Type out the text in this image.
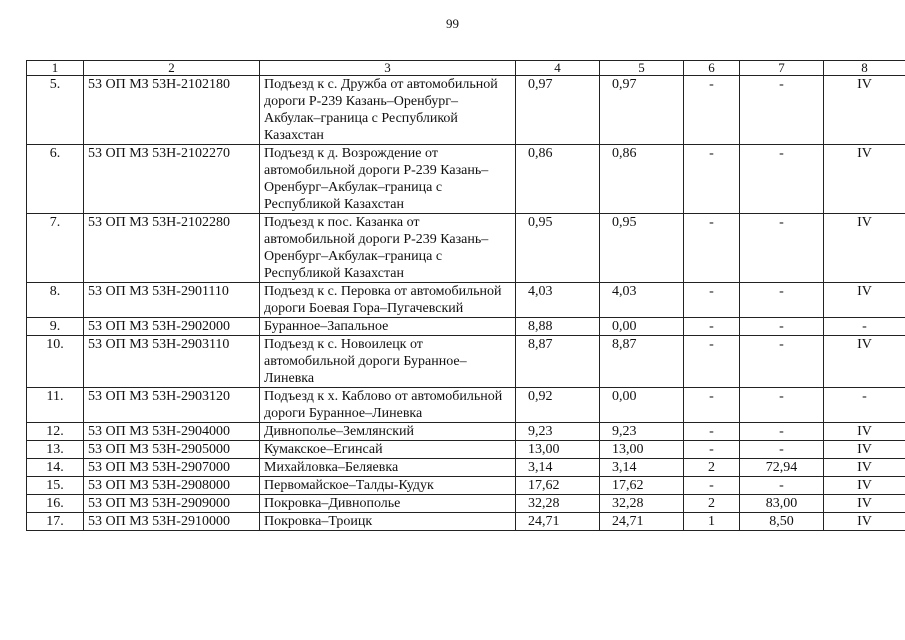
99
1	2	3	4	5	6	7	8
5.	53 ОП МЗ 53Н-2102180	Подъезд к с. Дружба от автомобильной дороги Р-239 Казань–Оренбург–Акбулак–граница с Республикой Казахстан	0,97	0,97	-	-	IV
6.	53 ОП МЗ 53Н-2102270	Подъезд к д. Возрождение от автомобильной дороги Р-239 Казань–Оренбург–Акбулак–граница с Республикой Казахстан	0,86	0,86	-	-	IV
7.	53 ОП МЗ 53Н-2102280	Подъезд к пос. Казанка от автомобильной дороги Р-239 Казань–Оренбург–Акбулак–граница с Республикой Казахстан	0,95	0,95	-	-	IV
8.	53 ОП МЗ 53Н-2901110	Подъезд к с. Перовка от автомобильной дороги Боевая Гора–Пугачевский	4,03	4,03	-	-	IV
9.	53 ОП МЗ 53Н-2902000	Буранное–Запальное	8,88	0,00	-	-	-
10.	53 ОП МЗ 53Н-2903110	Подъезд к с. Новоилецк от автомобильной дороги Буранное–Линевка	8,87	8,87	-	-	IV
11.	53 ОП МЗ 53Н-2903120	Подъезд к х. Каблово от автомобильной дороги Буранное–Линевка	0,92	0,00	-	-	-
12.	53 ОП МЗ 53Н-2904000	Дивнополье–Землянский	9,23	9,23	-	-	IV
13.	53 ОП МЗ 53Н-2905000	Кумакское–Егинсай	13,00	13,00	-	-	IV
14.	53 ОП МЗ 53Н-2907000	Михайловка–Беляевка	3,14	3,14	2	72,94	IV
15.	53 ОП МЗ 53Н-2908000	Первомайское–Талды-Кудук	17,62	17,62	-	-	IV
16.	53 ОП МЗ 53Н-2909000	Покровка–Дивнополье	32,28	32,28	2	83,00	IV
17.	53 ОП МЗ 53Н-2910000	Покровка–Троицк	24,71	24,71	1	8,50	IV
